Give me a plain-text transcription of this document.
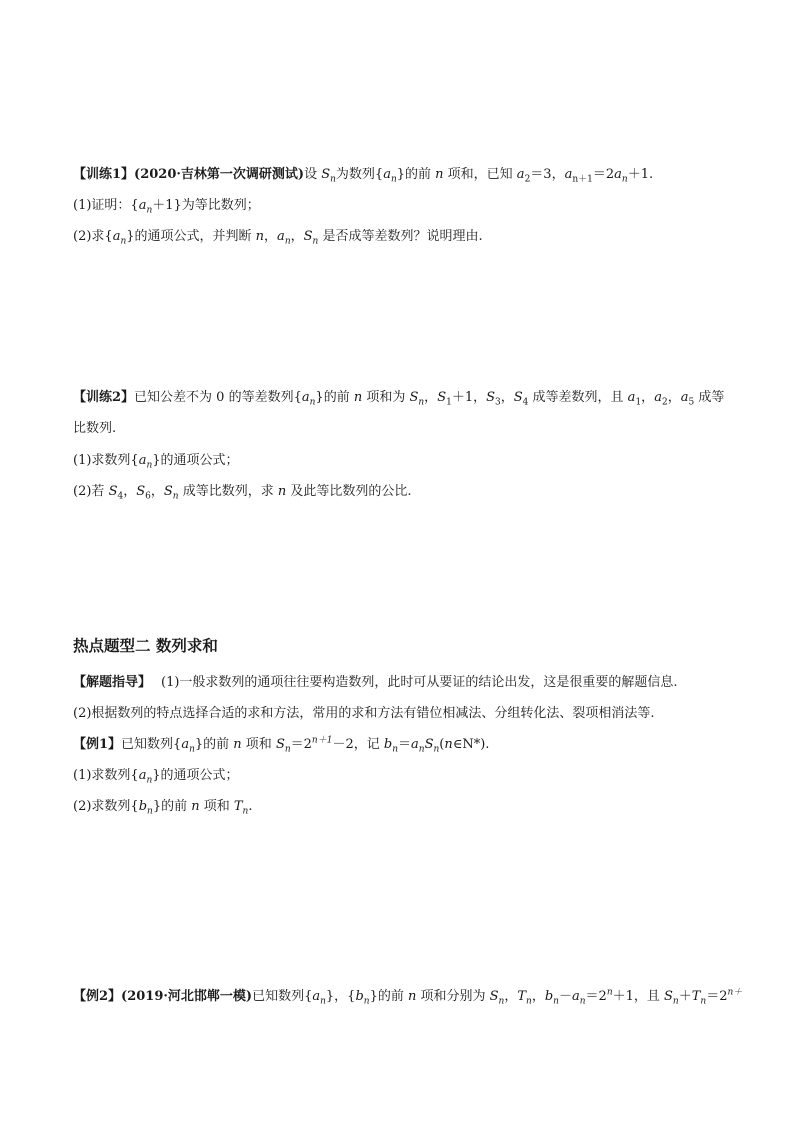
【训练1】(2020·吉林第一次调研测试)设 $S_n$为数列$\{a_n\}$的前 n 项和，已知 $a_2=3$，$a_{n+1}=2a_n+1$.
(1)证明：$\{a_n+1\}$为等比数列；
(2)求$\{a_n\}$的通项公式，并判断 n，$a_n$，$S_n$ 是否成等差数列？说明理由.
【训练2】已知公差不为 0 的等差数列$\{a_n\}$的前 n 项和为 $S_n$，$S_1+1$，$S_3$，$S_4$ 成等差数列，且 $a_1$，$a_2$，$a_5$ 成等
比数列.
(1)求数列$\{a_n\}$的通项公式；
(2)若 $S_4$，$S_6$，$S_n$ 成等比数列，求 n 及此等比数列的公比.
热点题型二 数列求和
【解题指导】 (1)一般求数列的通项往往要构造数列，此时可从要证的结论出发，这是很重要的解题信息.
(2)根据数列的特点选择合适的求和方法，常用的求和方法有错位相减法、分组转化法、裂项相消法等.
【例1】已知数列$\{a_n\}$的前 n 项和 $S_n=2^{n+1}-2$，记 $b_n=a_nS_n(n\in N*)$.
(1)求数列$\{a_n\}$的通项公式；
(2)求数列$\{b_n\}$的前 n 项和 $T_n$.
【例2】(2019·河北邯郸一模)已知数列$\{a_n\}$，$\{b_n\}$的前 n 项和分别为 $S_n$，$T_n$，$b_n-a_n=2^n+1$，且 $S_n+T_n=2^{n+}$
